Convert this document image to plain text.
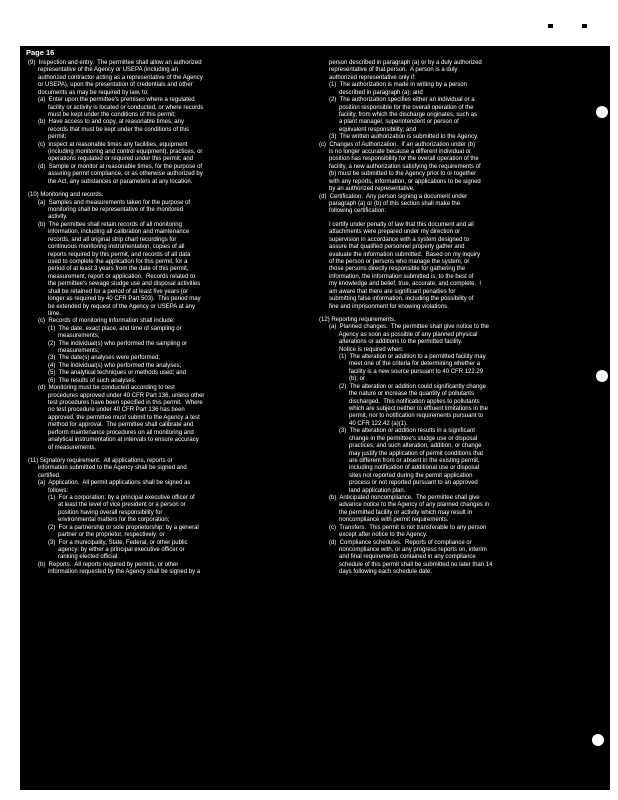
Page 16
(9)  Inspection and entry.  The permittee shall allow an authorized
representative of the Agency or USEPA (including an
authorized contractor acting as a representative of the Agency
or USEPA), upon the presentation of credentials and other
documents as may be required by law, to:
(a)  Enter upon the permittee's premises where a regulated
facility or activity is located or conducted, or where records
must be kept under the conditions of this permit;
(b)  Have access to and copy, at reasonable times, any
records that must be kept under the conditions of this
permit;
(c)  Inspect at reasonable times any facilities, equipment
(including monitoring and control equipment), practices, or
operations regulated or required under this permit; and
(d)  Sample or monitor at reasonable times, for the purpose of
assuring permit compliance, or as otherwise authorized by
the Act, any substances or parameters at any location.
(10) Monitoring and records.
(a)  Samples and measurements taken for the purpose of
monitoring shall be representative of the monitored
activity.
(b)  The permittee shall retain records of all monitoring
information, including all calibration and maintenance
records, and all original strip chart recordings for
continuous monitoring instrumentation, copies of all
reports required by this permit, and records of all data
used to complete the application for this permit, for a
period of at least 3 years from the date of this permit,
measurement, report or application.  Records related to
the permittee's sewage sludge use and disposal activities
shall be retained for a period of at least five years (or
longer as required by 40 CFR Part 503).  This period may
be extended by request of the Agency or USEPA at any
time.
(c)  Records of monitoring information shall include:
(1)  The date, exact place, and time of sampling or
measurements;
(2)  The individual(s) who performed the sampling or
measurements;
(3)  The date(s) analyses were performed;
(4)  The individual(s) who performed the analyses;
(5)  The analytical techniques or methods used; and
(6)  The results of such analyses.
(d)  Monitoring must be conducted according to test
procedures approved under 40 CFR Part 136, unless other
test procedures have been specified in this permit.  Where
no test procedure under 40 CFR Part 136 has been
approved, the permittee must submit to the Agency a test
method for approval.  The permittee shall calibrate and
perform maintenance procedures on all monitoring and
analytical instrumentation at intervals to ensure accuracy
of measurements.
(11) Signatory requirement.  All applications, reports or
information submitted to the Agency shall be signed and
certified.
(a)  Application.  All permit applications shall be signed as
follows:
(1)  For a corporation: by a principal executive officer of
at least the level of vice president or a person or
position having overall responsibility for
environmental matters for the corporation;
(2)  For a partnership or sole proprietorship: by a general
partner or the proprietor, respectively; or
(3)  For a municipality, State, Federal, or other public
agency: by either a principal executive officer or
ranking elected official.
(b)  Reports.  All reports required by permits, or other
information requested by the Agency shall be signed by a
person described in paragraph (a) or by a duly authorized
representative of that person.  A person is a duly
authorized representative only if:
(1)  The authorization is made in writing by a person
described in paragraph (a); and
(2)  The authorization specifies either an individual or a
position responsible for the overall operation of the
facility, from which the discharge originates, such as
a plant manager, superintendent or person of
equivalent responsibility; and
(3)  The written authorization is submitted to the Agency.
(c)  Changes of Authorization.  If an authorization under (b)
is no longer accurate because a different individual or
position has responsibility for the overall operation of the
facility, a new authorization satisfying the requirements of
(b) must be submitted to the Agency prior to or together
with any reports, information, or applications to be signed
by an authorized representative.
(d)  Certification.  Any person signing a document under
paragraph (a) or (b) of this section shall make the
following certification:
I certify under penalty of law that this document and all
attachments were prepared under my direction or
supervision in accordance with a system designed to
assure that qualified personnel properly gather and
evaluate the information submitted.  Based on my inquiry
of the person or persons who manage the system, or
those persons directly responsible for gathering the
information, the information submitted is, to the best of
my knowledge and belief, true, accurate, and complete.  I
am aware that there are significant penalties for
submitting false information, including the possibility of
fine and imprisonment for knowing violations.
(12) Reporting requirements.
(a)  Planned changes.  The permittee shall give notice to the
Agency as soon as possible of any planned physical
alterations or additions to the permitted facility.
Notice is required when:
(1)  The alteration or addition to a permitted facility may
meet one of the criteria for determining whether a
facility is a new source pursuant to 40 CFR 122.29
(b); or
(2)  The alteration or addition could significantly change
the nature or increase the quantity of pollutants
discharged.  This notification applies to pollutants
which are subject neither to effluent limitations in the
permit, nor to notification requirements pursuant to
40 CFR 122.42 (a)(1).
(3)  The alteration or addition results in a significant
change in the permittee's sludge use or disposal
practices, and such alteration, addition, or change
may justify the application of permit conditions that
are different from or absent in the existing permit,
including notification of additional use or disposal
sites not reported during the permit application
process or not reported pursuant to an approved
land application plan.
(b)  Anticipated noncompliance.  The permittee shall give
advance notice to the Agency of any planned changes in
the permitted facility or activity which may result in
noncompliance with permit requirements.
(c)  Transfers.  This permit is not transferable to any person
except after notice to the Agency.
(d)  Compliance schedules.  Reports of compliance or
noncompliance with, or any progress reports on, interim
and final requirements contained in any compliance
schedule of this permit shall be submitted no later than 14
days following each schedule date.
